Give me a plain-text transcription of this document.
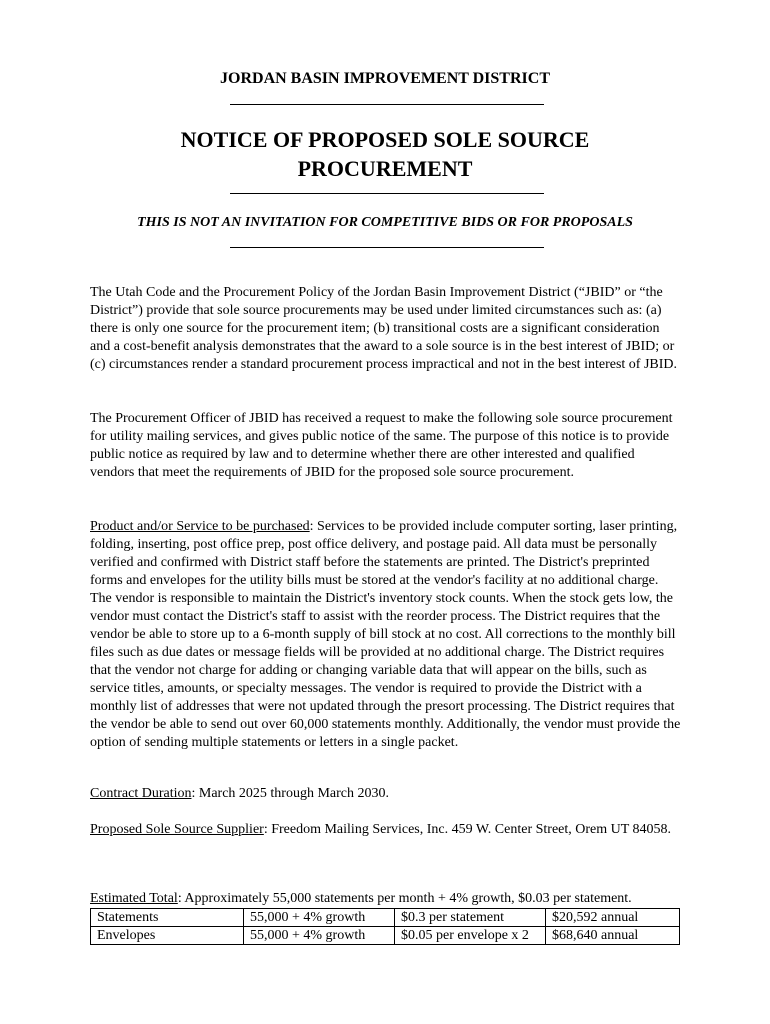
JORDAN BASIN IMPROVEMENT DISTRICT
NOTICE OF PROPOSED SOLE SOURCE
PROCUREMENT
THIS IS NOT AN INVITATION FOR COMPETITIVE BIDS OR FOR PROPOSALS

The Utah Code and the Procurement Policy of the Jordan Basin Improvement District (“JBID” or “the District”) provide that sole source procurements may be used under limited circumstances such as: (a) there is only one source for the procurement item; (b) transitional costs are a significant consideration and a cost-benefit analysis demonstrates that the award to a sole source is in the best interest of JBID; or (c) circumstances render a standard procurement process impractical and not in the best interest of JBID.

The Procurement Officer of JBID has received a request to make the following sole source procurement for utility mailing services, and gives public notice of the same. The purpose of this notice is to provide public notice as required by law and to determine whether there are other interested and qualified vendors that meet the requirements of JBID for the proposed sole source procurement.

Product and/or Service to be purchased: Services to be provided include computer sorting, laser printing, folding, inserting, post office prep, post office delivery, and postage paid. All data must be personally verified and confirmed with District staff before the statements are printed. The District's preprinted forms and envelopes for the utility bills must be stored at the vendor's facility at no additional charge. The vendor is responsible to maintain the District's inventory stock counts. When the stock gets low, the vendor must contact the District's staff to assist with the reorder process. The District requires that the vendor be able to store up to a 6-month supply of bill stock at no cost. All corrections to the monthly bill files such as due dates or message fields will be provided at no additional charge. The District requires that the vendor not charge for adding or changing variable data that will appear on the bills, such as service titles, amounts, or specialty messages. The vendor is required to provide the District with a monthly list of addresses that were not updated through the presort processing. The District requires that the vendor be able to send out over 60,000 statements monthly. Additionally, the vendor must provide the option of sending multiple statements or letters in a single packet.

Contract Duration: March 2025 through March 2030.

Proposed Sole Source Supplier: Freedom Mailing Services, Inc. 459 W. Center Street, Orem UT 84058.

Estimated Total: Approximately 55,000 statements per month + 4% growth, $0.03 per statement.

Statements	55,000 + 4% growth	$0.3 per statement	$20,592 annual
Envelopes	55,000 + 4% growth	$0.05 per envelope x 2	$68,640 annual
